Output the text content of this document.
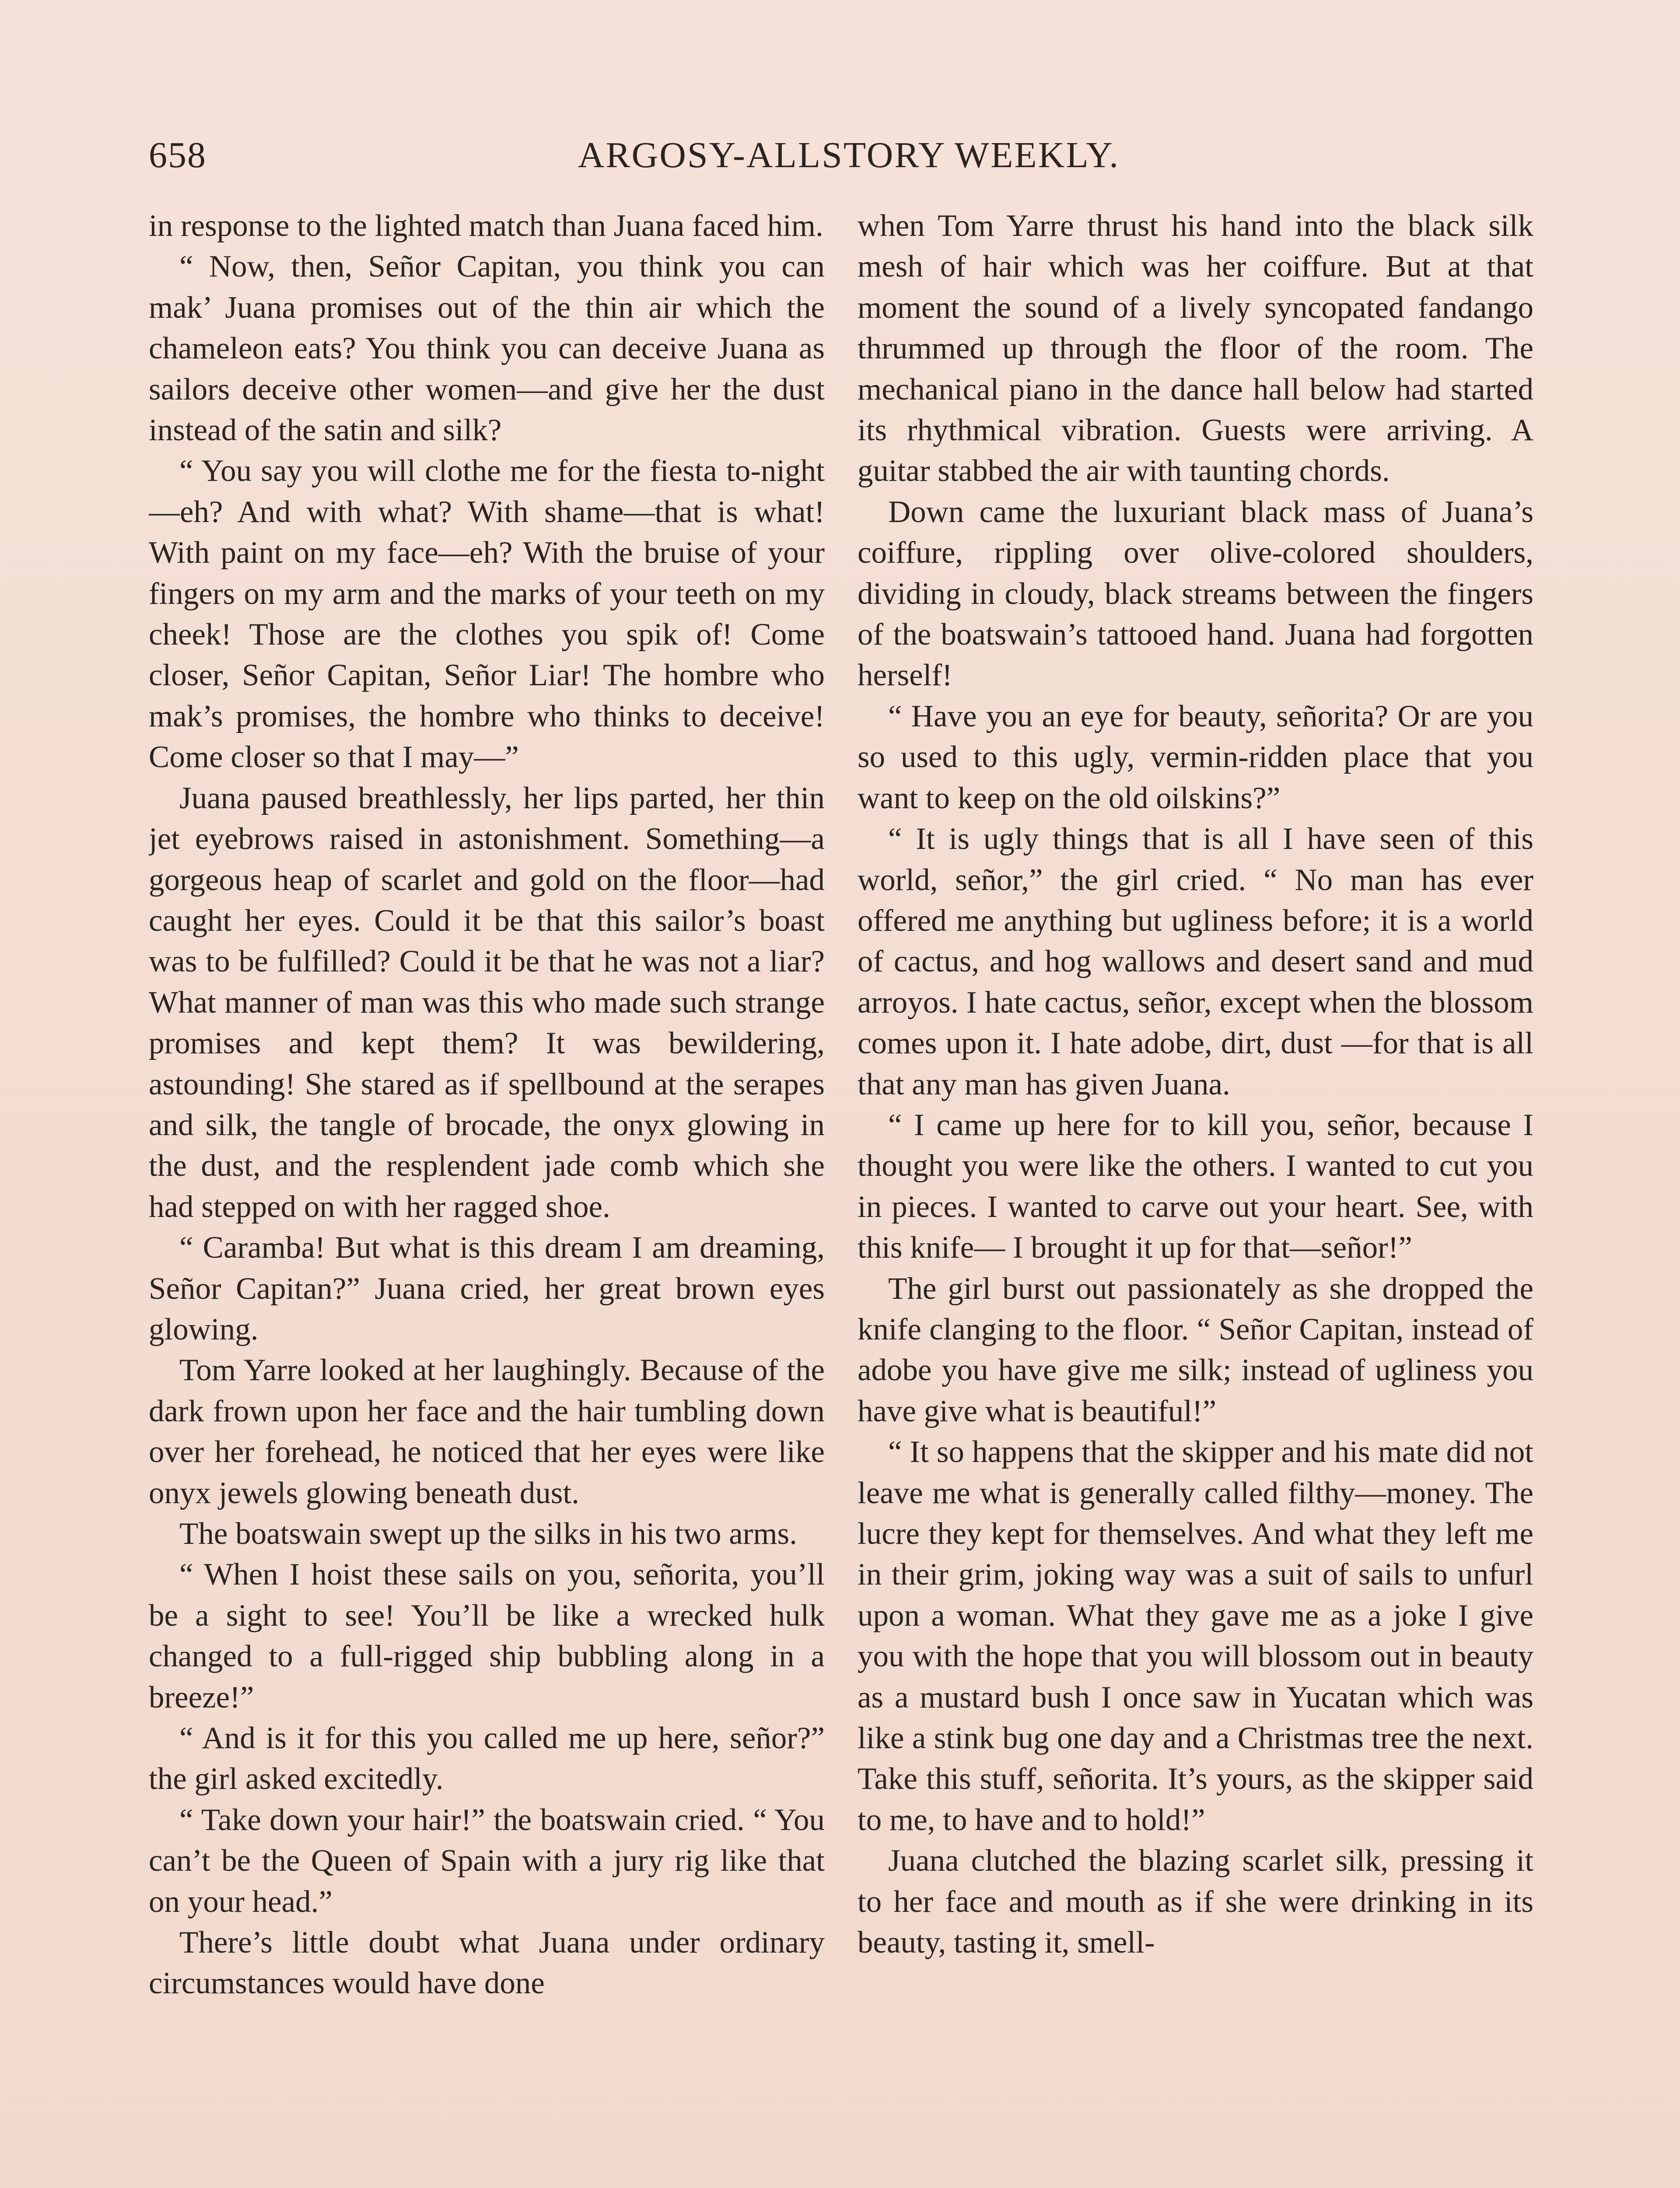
658	ARGOSY-ALLSTORY WEEKLY.

in response to the lighted match than Juana faced him.

“ Now, then, Señor Capitan, you think you can mak’ Juana promises out of the thin air which the chameleon eats? You think you can deceive Juana as sailors deceive other women—and give her the dust instead of the satin and silk?

“ You say you will clothe me for the fiesta to-night—eh? And with what? With shame—that is what! With paint on my face—eh? With the bruise of your fingers on my arm and the marks of your teeth on my cheek! Those are the clothes you spik of! Come closer, Señor Capitan, Señor Liar! The hombre who mak’s promises, the hombre who thinks to deceive! Come closer so that I may—”

Juana paused breathlessly, her lips parted, her thin jet eyebrows raised in astonishment. Something—a gorgeous heap of scarlet and gold on the floor—had caught her eyes. Could it be that this sailor’s boast was to be fulfilled? Could it be that he was not a liar? What manner of man was this who made such strange promises and kept them? It was bewildering, astounding! She stared as if spellbound at the serapes and silk, the tangle of brocade, the onyx glowing in the dust, and the resplendent jade comb which she had stepped on with her ragged shoe.

“ Caramba! But what is this dream I am dreaming, Señor Capitan?” Juana cried, her great brown eyes glowing.

Tom Yarre looked at her laughingly. Because of the dark frown upon her face and the hair tumbling down over her forehead, he noticed that her eyes were like onyx jewels glowing beneath dust.

The boatswain swept up the silks in his two arms.

“ When I hoist these sails on you, señorita, you’ll be a sight to see! You’ll be like a wrecked hulk changed to a full-rigged ship bubbling along in a breeze!”

“ And is it for this you called me up here, señor?” the girl asked excitedly.

“ Take down your hair!” the boatswain cried. “ You can’t be the Queen of Spain with a jury rig like that on your head.”

There’s little doubt what Juana under ordinary circumstances would have done

when Tom Yarre thrust his hand into the black silk mesh of hair which was her coiffure. But at that moment the sound of a lively syncopated fandango thrummed up through the floor of the room. The mechanical piano in the dance hall below had started its rhythmical vibration. Guests were arriving. A guitar stabbed the air with taunting chords.

Down came the luxuriant black mass of Juana’s coiffure, rippling over olive-colored shoulders, dividing in cloudy, black streams between the fingers of the boatswain’s tattooed hand. Juana had forgotten herself!

“ Have you an eye for beauty, señorita? Or are you so used to this ugly, vermin-ridden place that you want to keep on the old oilskins?”

“ It is ugly things that is all I have seen of this world, señor,” the girl cried. “ No man has ever offered me anything but ugliness before; it is a world of cactus, and hog wallows and desert sand and mud arroyos. I hate cactus, señor, except when the blossom comes upon it. I hate adobe, dirt, dust —for that is all that any man has given Juana.

“ I came up here for to kill you, señor, because I thought you were like the others. I wanted to cut you in pieces. I wanted to carve out your heart. See, with this knife— I brought it up for that—señor!”

The girl burst out passionately as she dropped the knife clanging to the floor. “ Señor Capitan, instead of adobe you have give me silk; instead of ugliness you have give what is beautiful!”

“ It so happens that the skipper and his mate did not leave me what is generally called filthy—money. The lucre they kept for themselves. And what they left me in their grim, joking way was a suit of sails to unfurl upon a woman. What they gave me as a joke I give you with the hope that you will blossom out in beauty as a mustard bush I once saw in Yucatan which was like a stink bug one day and a Christmas tree the next. Take this stuff, señorita. It’s yours, as the skipper said to me, to have and to hold!”

Juana clutched the blazing scarlet silk, pressing it to her face and mouth as if she were drinking in its beauty, tasting it, smell-
